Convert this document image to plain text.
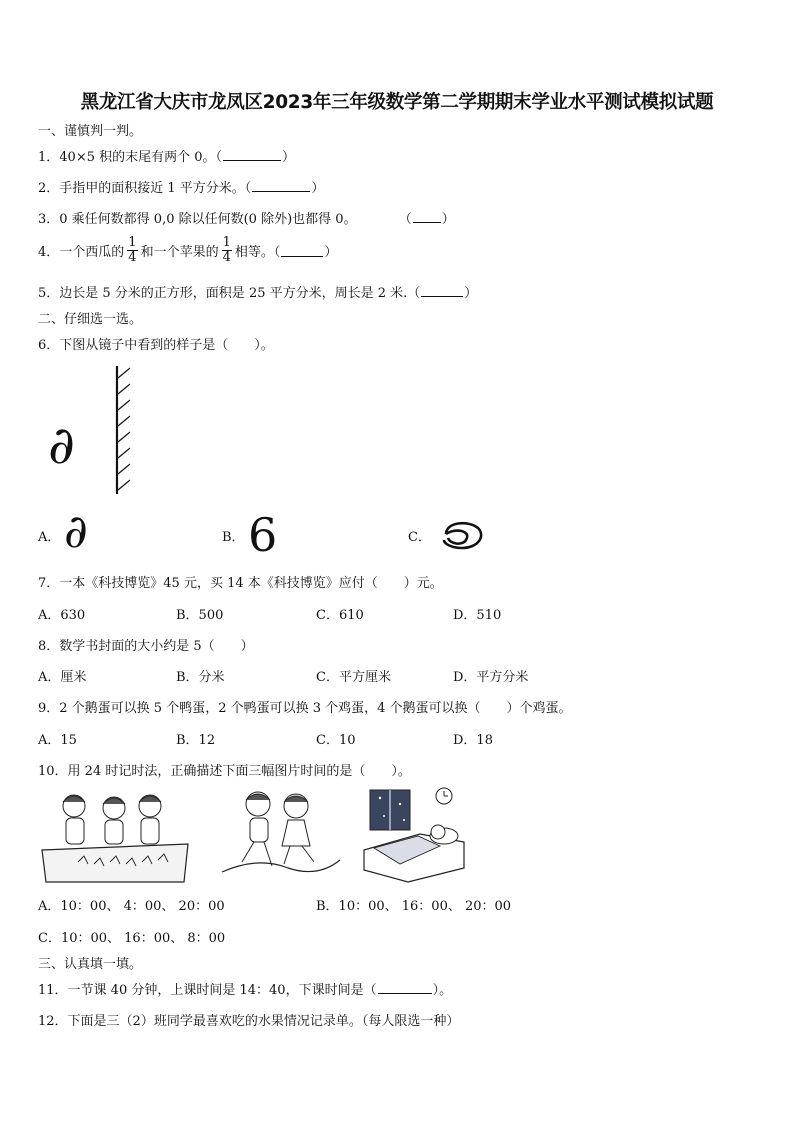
黑龙江省大庆市龙凤区2023年三年级数学第二学期期末学业水平测试模拟试题
一、谨慎判一判。
1．40×5 积的末尾有两个 0。（	）
2．手指甲的面积接近 1 平方分米。（	）
3．0 乘任何数都得 0,0 除以任何数(0 除外)也都得 0。	（ ）
4．一个西瓜的 $\frac{1}{4}$ 和一个苹果的 $\frac{1}{4}$ 相等。（	）
5．边长是 5 分米的正方形，面积是 25 平方分米，周长是 2 米.（	）
二、仔细选一选。
6．下图从镜子中看到的样子是（　　）。
∂
A． ∂	B． 6	C．
7．一本《科技博览》45 元，买 14 本《科技博览》应付（　　）元。
A．630	B．500	C．610	D．510
8．数学书封面的大小约是 5（　　）
A．厘米	B．分米	C．平方厘米	D．平方分米
9．2 个鹅蛋可以换 5 个鸭蛋，2 个鸭蛋可以换 3 个鸡蛋，4 个鹅蛋可以换（　　）个鸡蛋。
A．15	B．12	C．10	D．18
10．用 24 时记时法，正确描述下面三幅图片时间的是（　　）。
A．10：00、 4：00、 20：00	B．10：00、 16：00、 20：00
C．10：00、 16：00、 8：00
三、认真填一填。
11．一节课 40 分钟，上课时间是 14：40，下课时间是（	）。
12．下面是三（2）班同学最喜欢吃的水果情况记录单。（每人限选一种）
